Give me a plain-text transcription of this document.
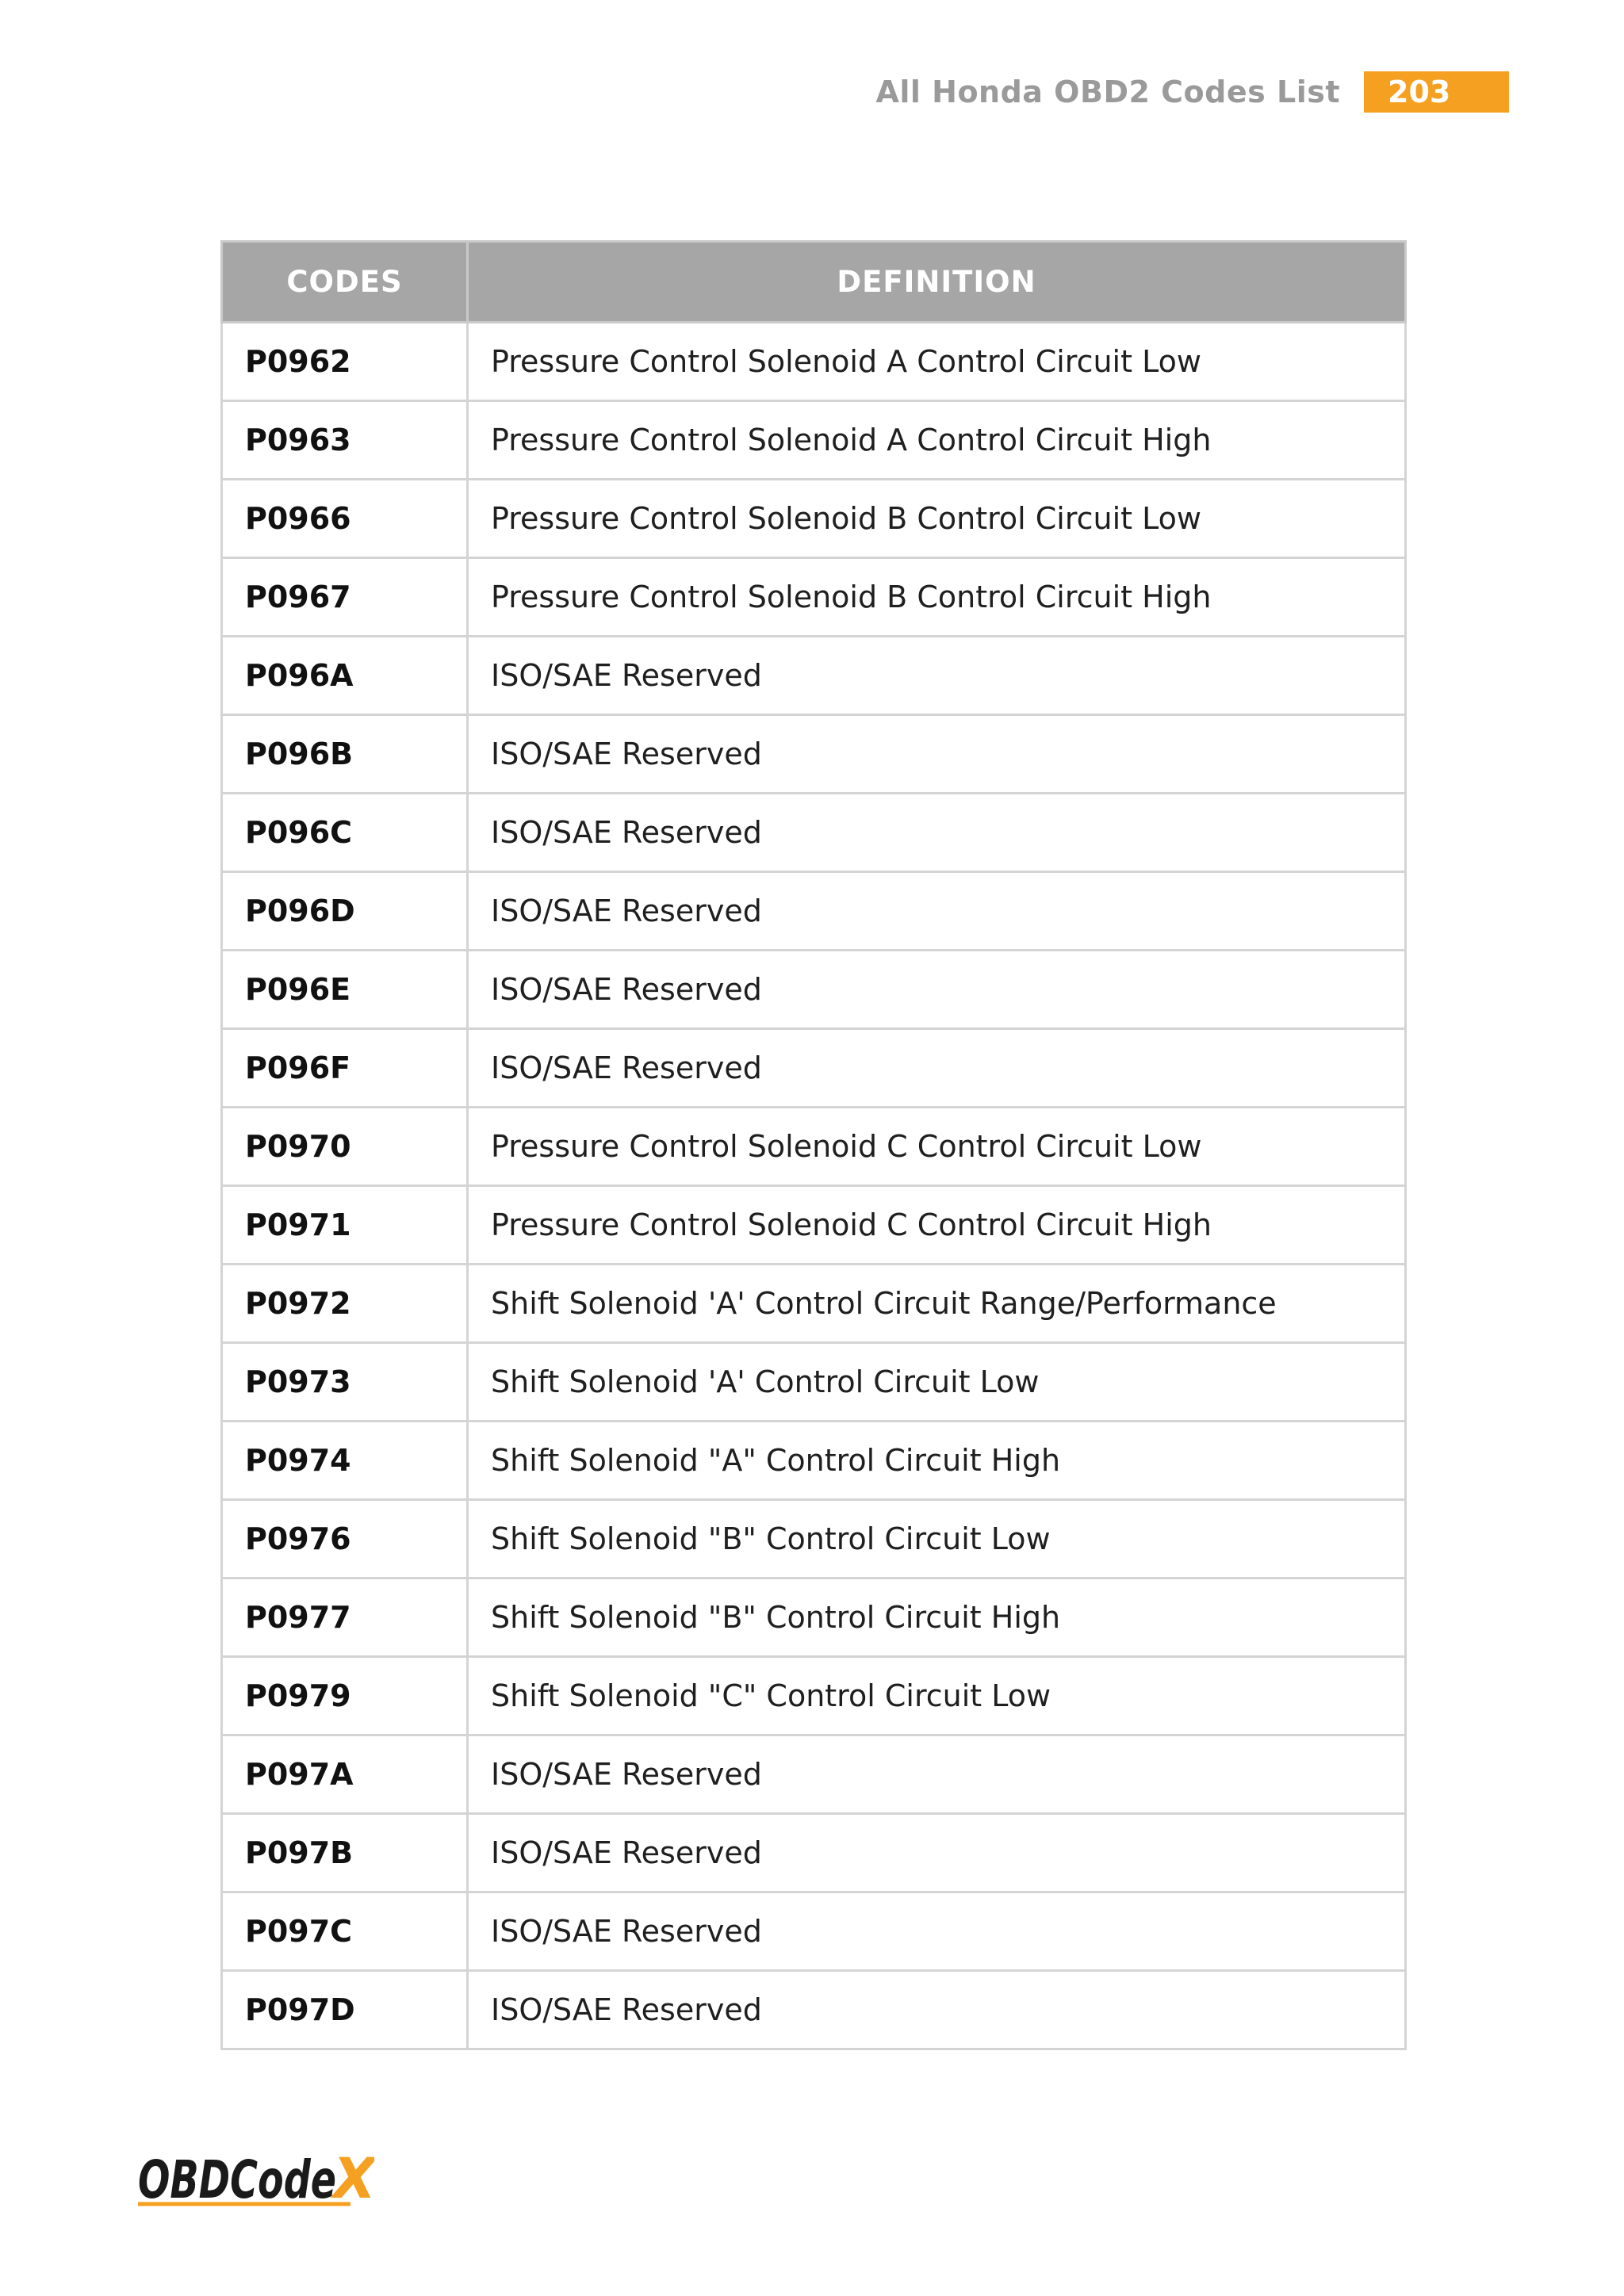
All Honda OBD2 Codes List	203
CODES	DEFINITION
P0962	Pressure Control Solenoid A Control Circuit Low
P0963	Pressure Control Solenoid A Control Circuit High
P0966	Pressure Control Solenoid B Control Circuit Low
P0967	Pressure Control Solenoid B Control Circuit High
P096A	ISO/SAE Reserved
P096B	ISO/SAE Reserved
P096C	ISO/SAE Reserved
P096D	ISO/SAE Reserved
P096E	ISO/SAE Reserved
P096F	ISO/SAE Reserved
P0970	Pressure Control Solenoid C Control Circuit Low
P0971	Pressure Control Solenoid C Control Circuit High
P0972	Shift Solenoid 'A' Control Circuit Range/Performance
P0973	Shift Solenoid 'A' Control Circuit Low
P0974	Shift Solenoid "A" Control Circuit High
P0976	Shift Solenoid "B" Control Circuit Low
P0977	Shift Solenoid "B" Control Circuit High
P0979	Shift Solenoid "C" Control Circuit Low
P097A	ISO/SAE Reserved
P097B	ISO/SAE Reserved
P097C	ISO/SAE Reserved
P097D	ISO/SAE Reserved
OBDCode
X
